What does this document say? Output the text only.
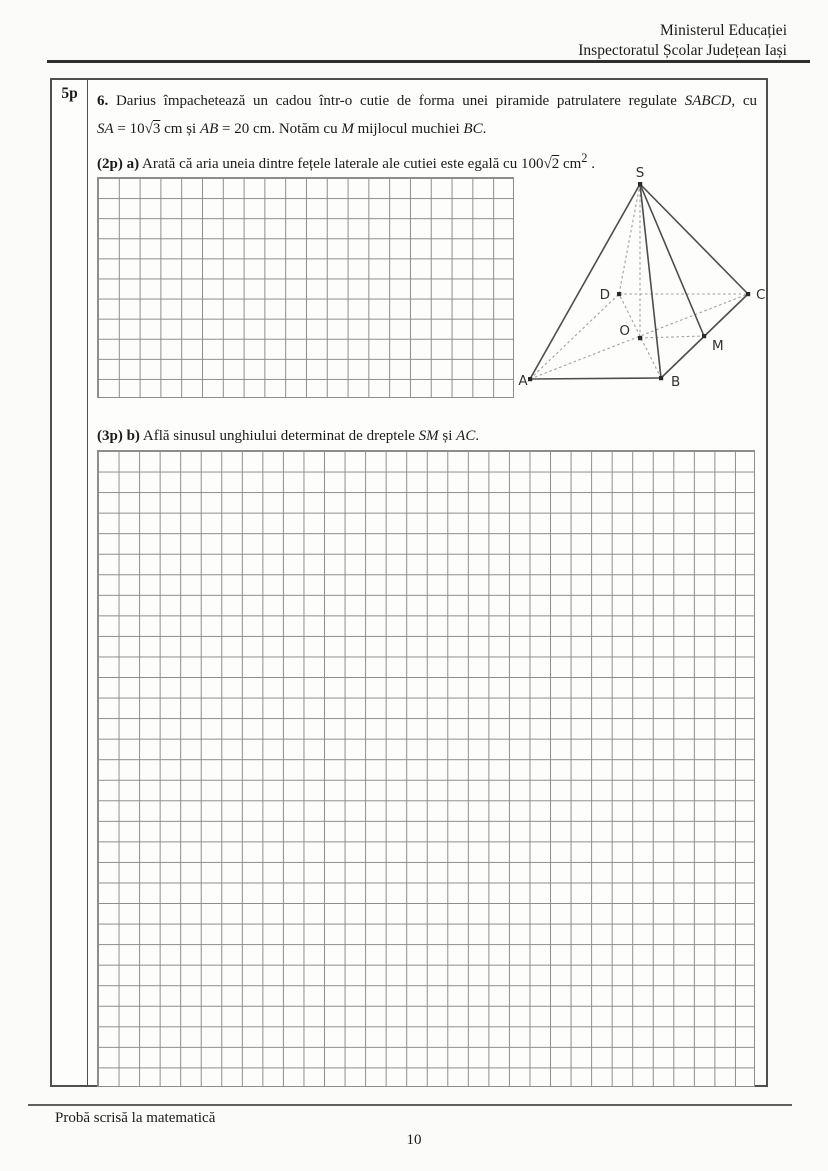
Ministerul Educației
Inspectoratul Școlar Județean Iași
5p	6. Darius împachetează un cadou într-o cutie de forma unei piramide patrulatere regulate SABCD, cu
SA = 10√3 cm și AB = 20 cm. Notăm cu M mijlocul muchiei BC.
(2p) a) Arată că aria uneia dintre fețele laterale ale cutiei este egală cu 100√2 $cm^2$ .
S
A	B
C
D
O
M
(3p) b) Află sinusul unghiului determinat de dreptele SM și AC.
Probă scrisă la matematică
10
